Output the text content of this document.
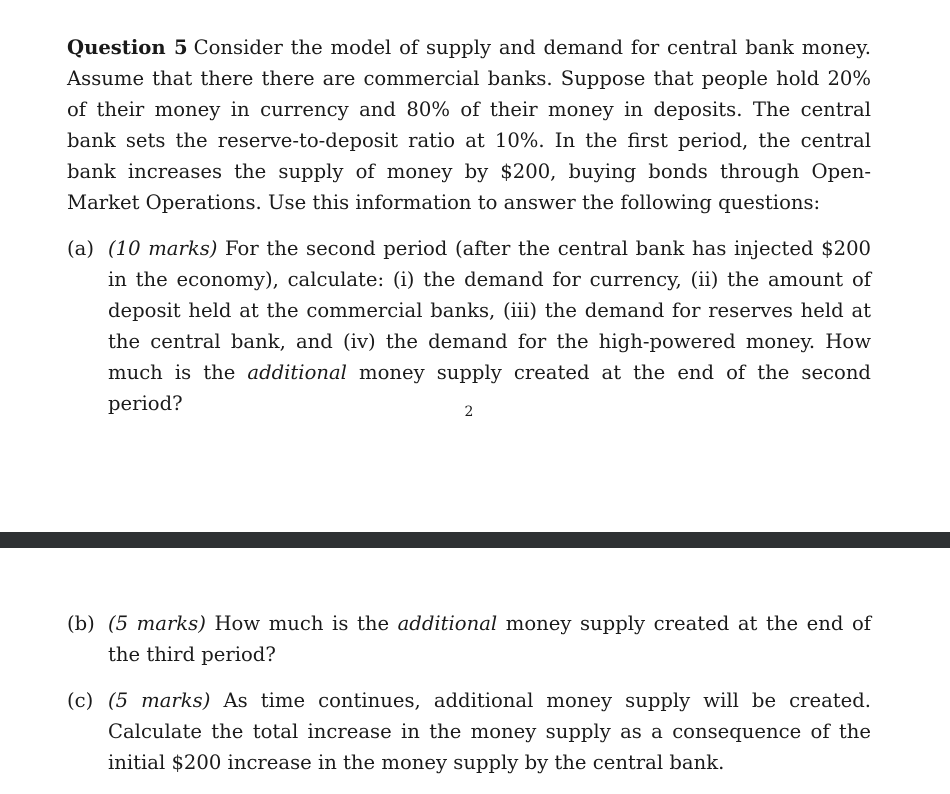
Question 5 Consider the model of supply and demand for central bank money. Assume that there there are commercial banks. Suppose that people hold 20% of their money in currency and 80% of their money in deposits. The central bank sets the reserve-to-deposit ratio at 10%. In the first period, the central bank increases the supply of money by $200, buying bonds through Open-Market Operations. Use this information to answer the following questions:

(a) (10 marks) For the second period (after the central bank has injected $200 in the economy), calculate: (i) the demand for currency, (ii) the amount of deposit held at the commercial banks, (iii) the demand for reserves held at the central bank, and (iv) the demand for the high-powered money. How much is the additional money supply created at the end of the second period?	2
(b) (5 marks) How much is the additional money supply created at the end of the third period?
(c) (5 marks) As time continues, additional money supply will be created. Calculate the total increase in the money supply as a consequence of the initial $200 increase in the money supply by the central bank.
